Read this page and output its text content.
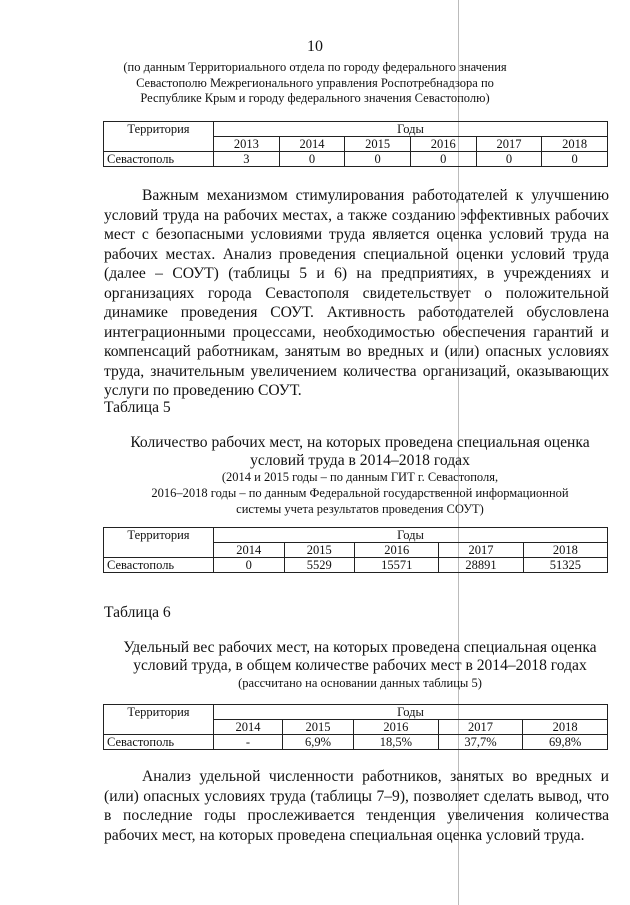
10
(по данным Территориального отдела по городу федерального значения Севастополю Межрегионального управления Роспотребнадзора по Республике Крым и городу федерального значения Севастополю)
Территория	Годы					
	2013	2014	2015	2016	2017	2018
Севастополь	3	0	0	0	0	0

Важным механизмом стимулирования работодателей к улучшению условий труда на рабочих местах, а также созданию эффективных рабочих мест с безопасными условиями труда является оценка условий труда на рабочих местах. Анализ проведения специальной оценки условий труда (далее – СОУТ) (таблицы 5 и 6) на предприятиях, в учреждениях и организациях города Севастополя свидетельствует о положительной динамике проведения СОУТ. Активность работодателей обусловлена интеграционными процессами, необходимостью обеспечения гарантий и компенсаций работникам, занятым во вредных и (или) опасных условиях труда, значительным увеличением количества организаций, оказывающих услуги по проведению СОУТ.

Таблица 5
Количество рабочих мест, на которых проведена специальная оценка
условий труда в 2014–2018 годах
(2014 и 2015 годы – по данным ГИТ г. Севастополя,
2016–2018 годы – по данным Федеральной государственной информационной
системы учета результатов проведения СОУТ)
Территория	Годы				
	2014	2015	2016	2017	2018
Севастополь	0	5529	15571	28891	51325
Таблица 6
Удельный вес рабочих мест, на которых проведена специальная оценка
условий труда, в общем количестве рабочих мест в 2014–2018 годах
(рассчитано на основании данных таблицы 5)
Территория	Годы				
	2014	2015	2016	2017	2018
Севастополь	-	6,9%	18,5%	37,7%	69,8%

Анализ удельной численности работников, занятых во вредных и (или) опасных условиях труда (таблицы 7–9), позволяет сделать вывод, что в последние годы прослеживается тенденция увеличения количества рабочих мест, на которых проведена специальная оценка условий труда.
